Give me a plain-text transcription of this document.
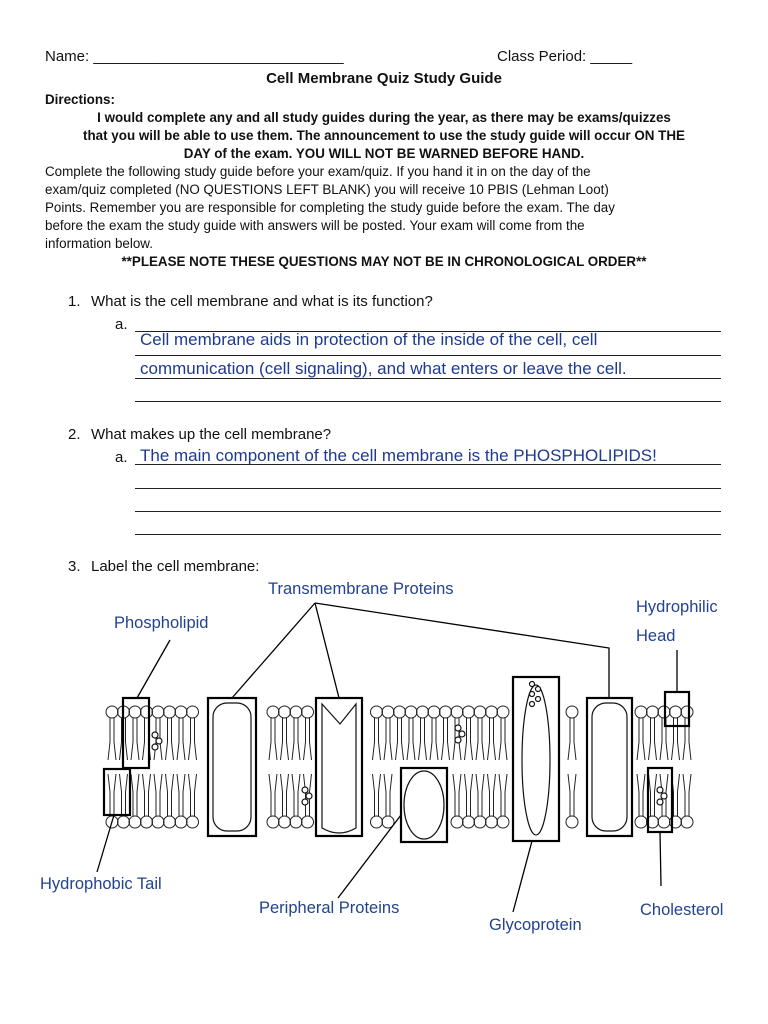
Name: ______________________________	Class Period: _____
Cell Membrane Quiz Study Guide
Directions:
I would complete any and all study guides during the year, as there may be exams/quizzes
that you will be able to use them. The announcement to use the study guide will occur ON THE
DAY of the exam. YOU WILL NOT BE WARNED BEFORE HAND.
Complete the following study guide before your exam/quiz. If you hand it in on the day of the
exam/quiz completed (NO QUESTIONS LEFT BLANK) you will receive 10 PBIS (Lehman Loot)
Points. Remember you are responsible for completing the study guide before the exam. The day
before the exam the study guide with answers will be posted. Your exam will come from the
information below.
**PLEASE NOTE THESE QUESTIONS MAY NOT BE IN CHRONOLOGICAL ORDER**
1. What is the cell membrane and what is its function?
a.
Cell membrane aids in protection of the inside of the cell, cell
communication (cell signaling), and what enters or leave the cell.
2. What makes up the cell membrane?
a. The main component of the cell membrane is the PHOSPHOLIPIDS!
3. Label the cell membrane:
Transmembrane Proteins
Phospholipid
Hydrophilic
Head
Hydrophobic Tail
Peripheral Proteins
Glycoprotein
Cholesterol
